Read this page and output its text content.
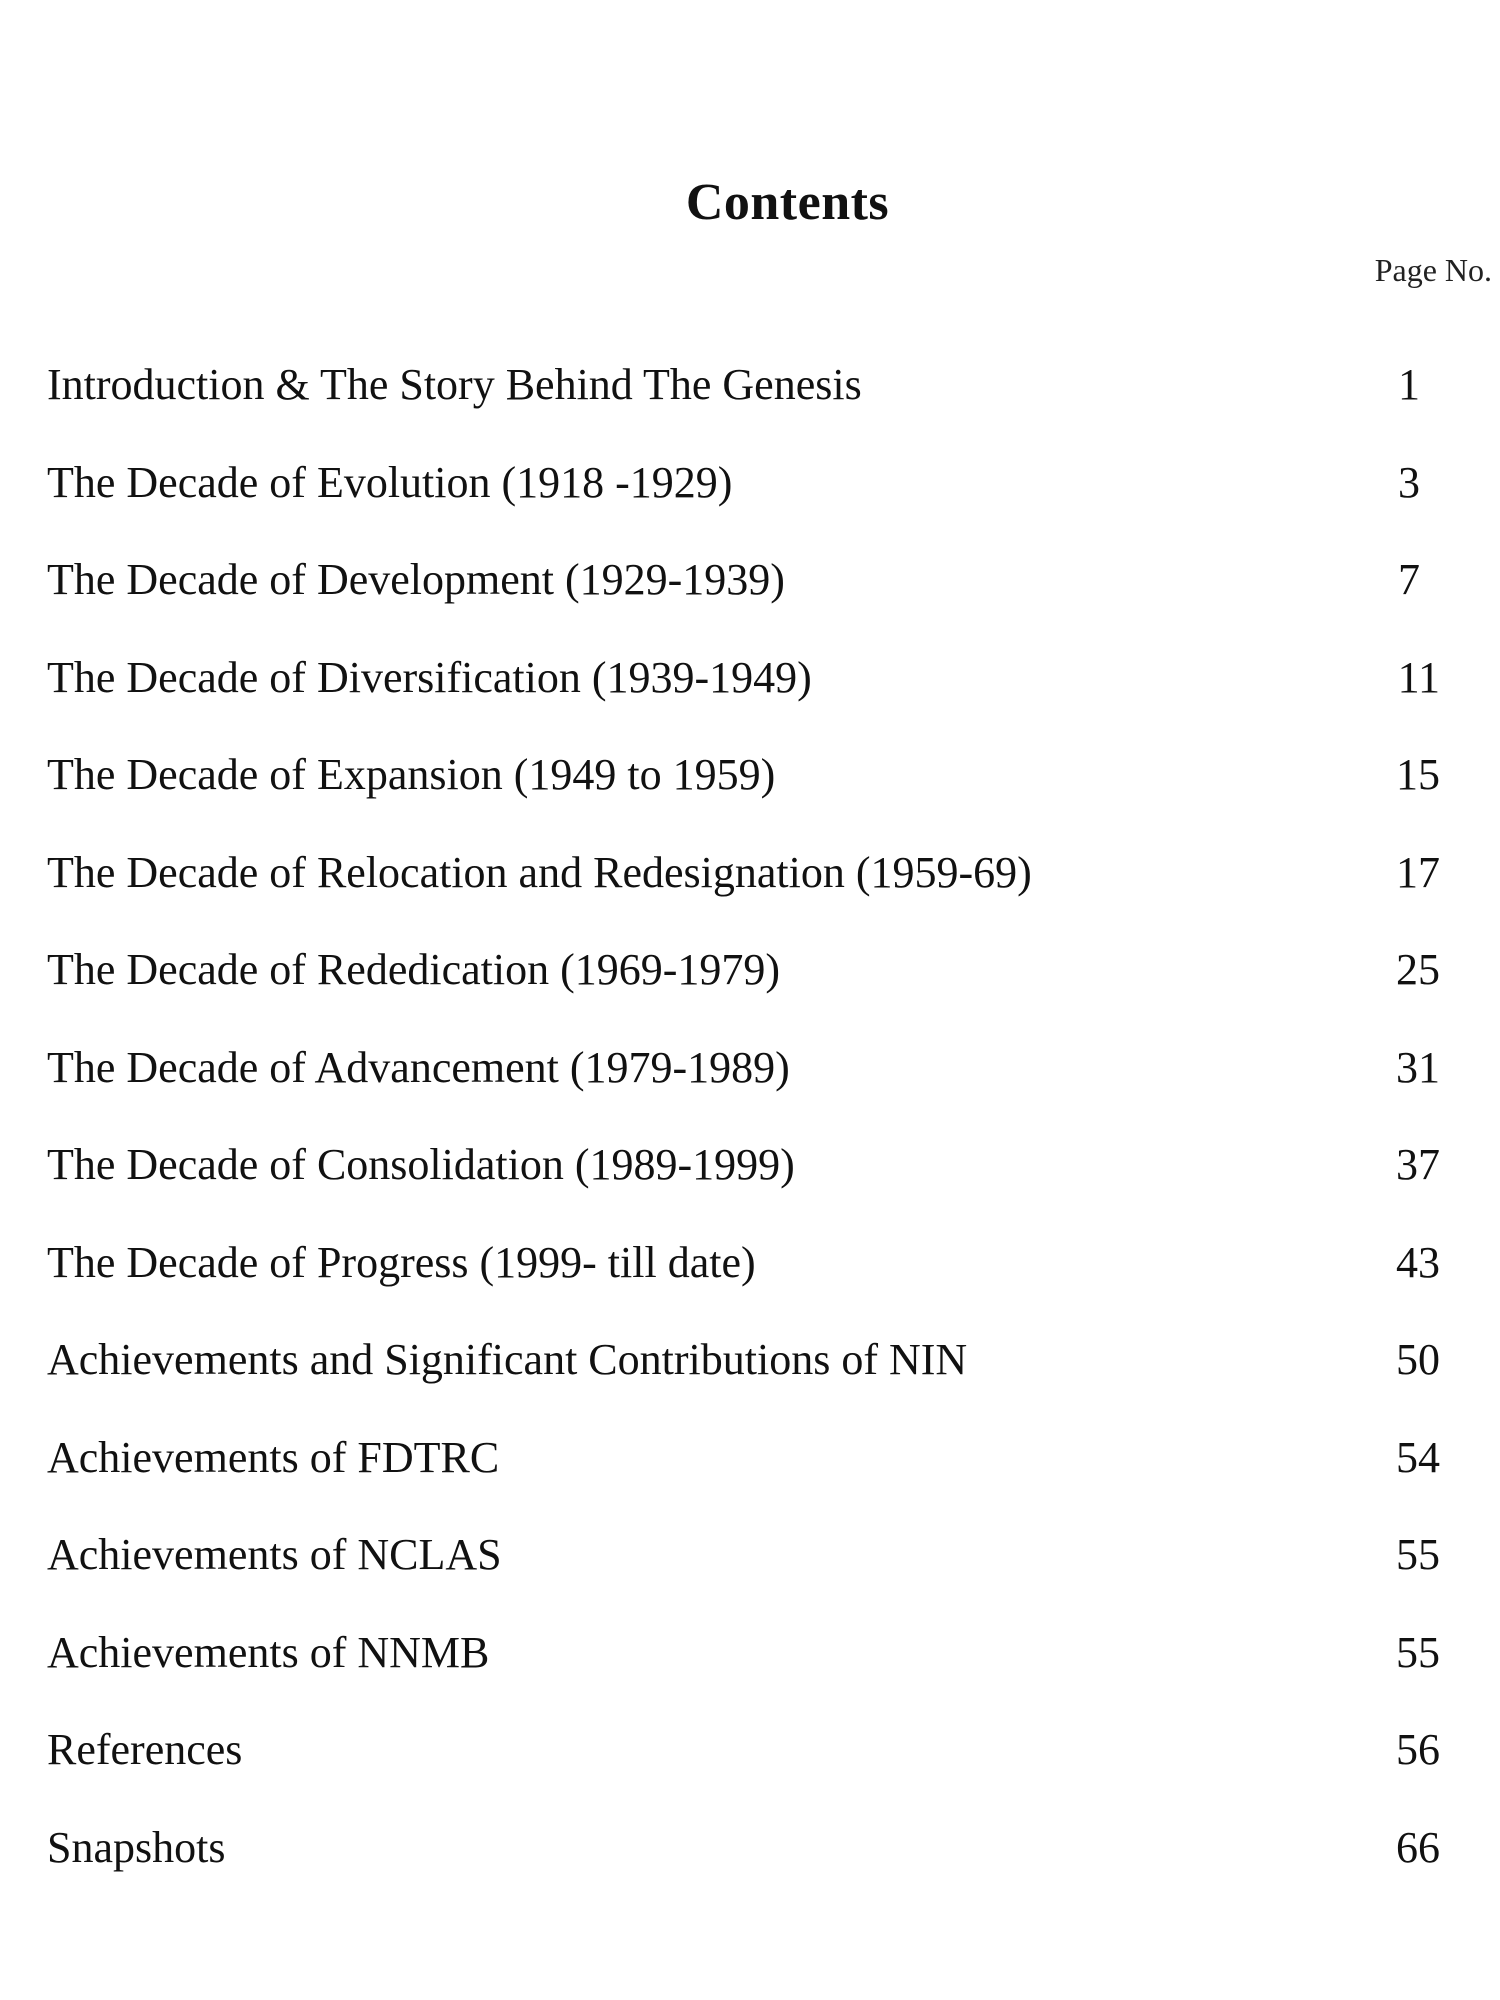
Contents
Page No.
Introduction & The Story Behind The Genesis	1
The Decade of Evolution (1918 -1929)	3
The Decade of Development (1929-1939)	7
The Decade of Diversification (1939-1949)	11
The Decade of Expansion (1949 to 1959)	15
The Decade of Relocation and Redesignation (1959-69)	17
The Decade of Rededication (1969-1979)	25
The Decade of Advancement (1979-1989)	31
The Decade of Consolidation (1989-1999)	37
The Decade of Progress (1999- till date)	43
Achievements and Significant Contributions of NIN	50
Achievements of FDTRC	54
Achievements of NCLAS	55
Achievements of NNMB	55
References	56
Snapshots	66
